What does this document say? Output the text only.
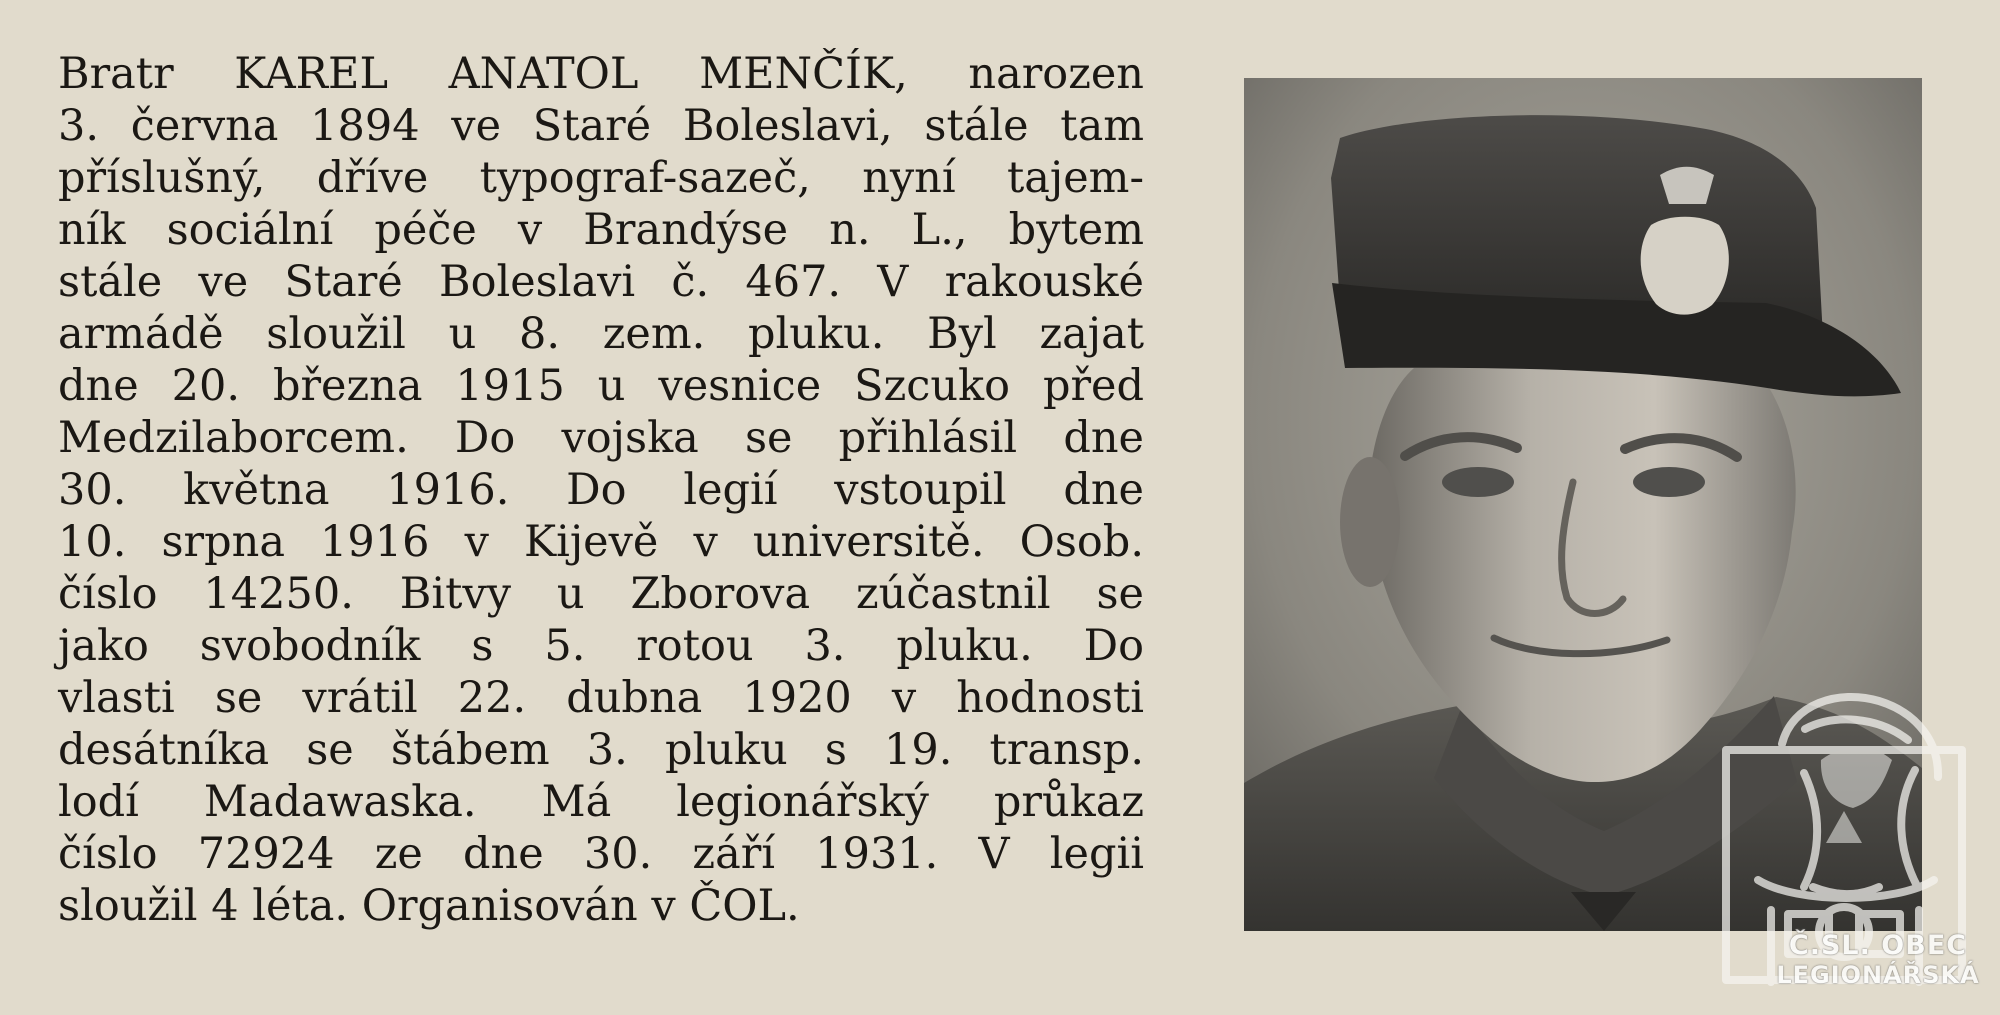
Bratr KAREL ANATOL MENČÍK, narozen
3. června 1894 ve Staré Boleslavi, stále tam
příslušný, dříve typograf-sazeč, nyní tajem-
ník sociální péče v Brandýse n. L., bytem
stále ve Staré Boleslavi č. 467. V rakouské
armádě sloužil u 8. zem. pluku. Byl zajat
dne 20. března 1915 u vesnice Szcuko před
Medzilaborcem. Do vojska se přihlásil dne
30. května 1916. Do legií vstoupil dne
10. srpna 1916 v Kijevě v universitě. Osob.
číslo 14250. Bitvy u Zborova zúčastnil se
jako svobodník s 5. rotou 3. pluku. Do
vlasti se vrátil 22. dubna 1920 v hodnosti
desátníka se štábem 3. pluku s 19. transp.
lodí Madawaska. Má legionářský průkaz
číslo 72924 ze dne 30. září 1931. V legii
sloužil 4 léta. Organisován v ČOL.
Č.SL. OBEC
LEGIONÁŘSKÁ
